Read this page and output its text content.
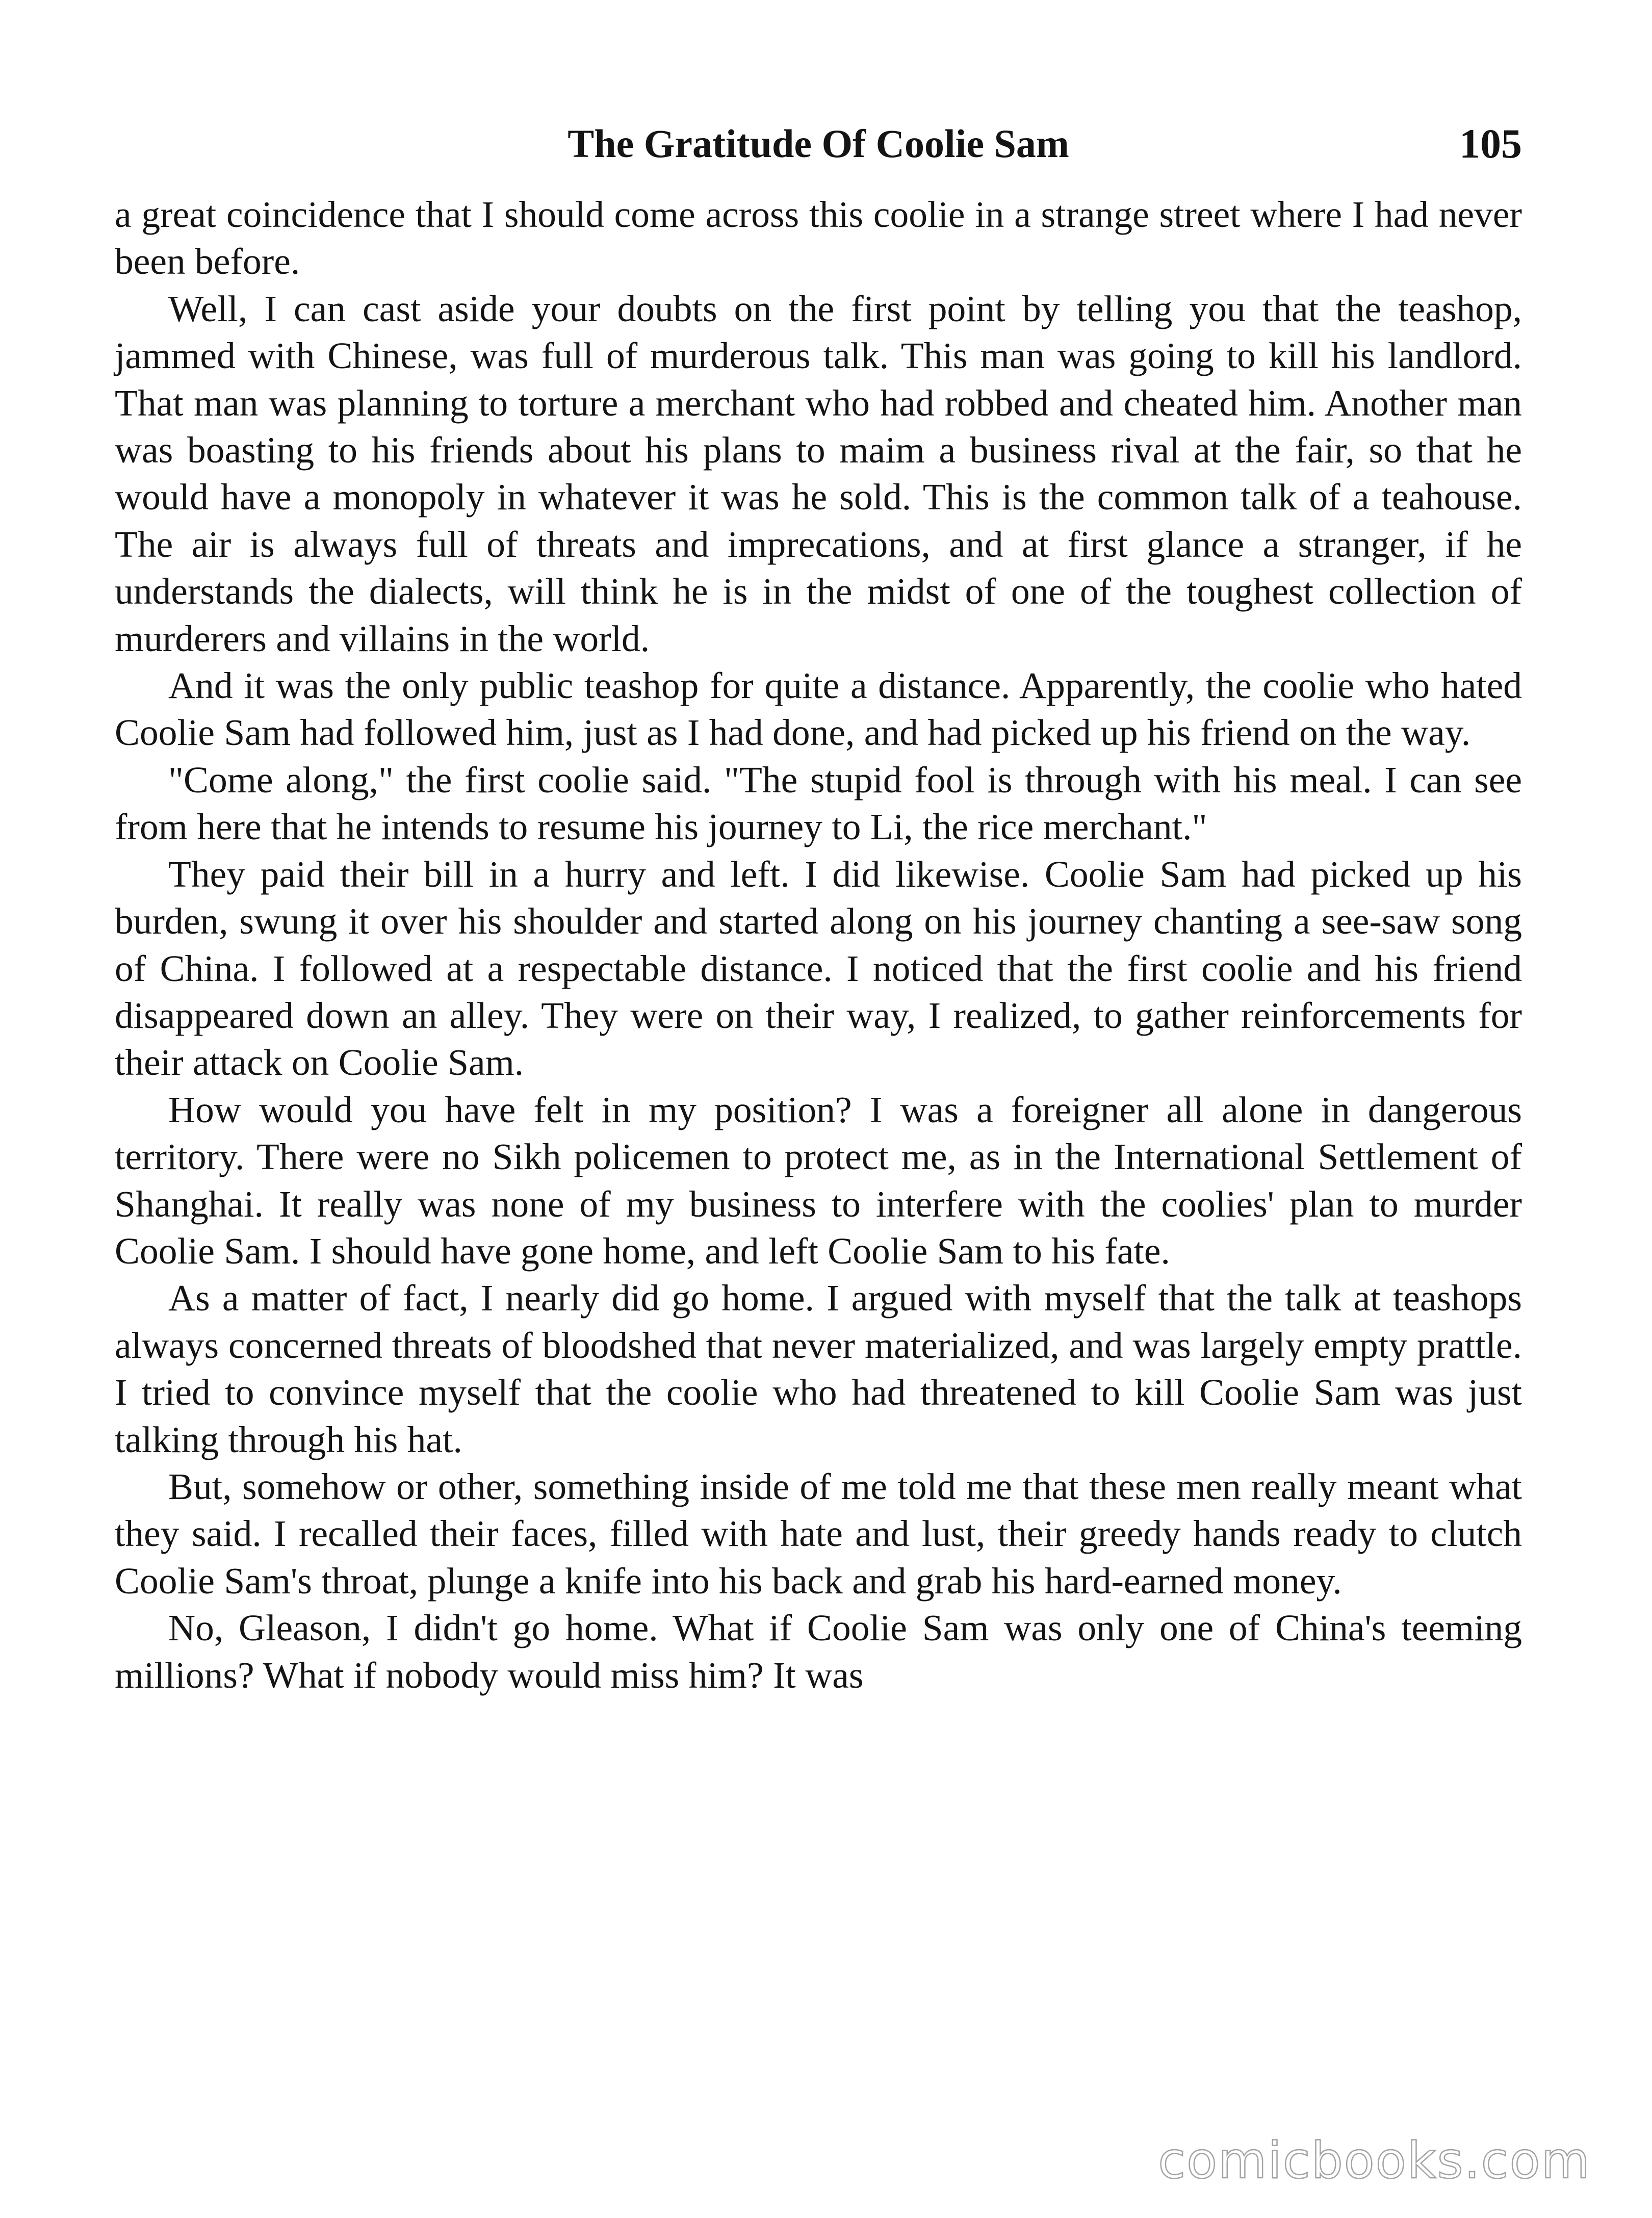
The Gratitude Of Coolie Sam	105

a great coincidence that I should come across this coolie in a strange street where I had never been before.

Well, I can cast aside your doubts on the first point by telling you that the teashop, jammed with Chinese, was full of murderous talk. This man was going to kill his landlord. That man was planning to torture a merchant who had robbed and cheated him. Another man was boasting to his friends about his plans to maim a business rival at the fair, so that he would have a monopoly in whatever it was he sold. This is the common talk of a teahouse. The air is always full of threats and imprecations, and at first glance a stranger, if he understands the dialects, will think he is in the midst of one of the toughest collection of murderers and villains in the world.

And it was the only public teashop for quite a distance. Apparently, the coolie who hated Coolie Sam had followed him, just as I had done, and had picked up his friend on the way.

"Come along," the first coolie said. "The stupid fool is through with his meal. I can see from here that he intends to resume his journey to Li, the rice merchant."

They paid their bill in a hurry and left. I did likewise. Coolie Sam had picked up his burden, swung it over his shoulder and started along on his journey chanting a see-saw song of China. I followed at a respectable distance. I noticed that the first coolie and his friend disappeared down an alley. They were on their way, I realized, to gather reinforcements for their attack on Coolie Sam.

How would you have felt in my position? I was a foreigner all alone in dangerous territory. There were no Sikh policemen to protect me, as in the International Settlement of Shanghai. It really was none of my business to interfere with the coolies' plan to murder Coolie Sam. I should have gone home, and left Coolie Sam to his fate.

As a matter of fact, I nearly did go home. I argued with myself that the talk at teashops always concerned threats of bloodshed that never materialized, and was largely empty prattle. I tried to convince myself that the coolie who had threatened to kill Coolie Sam was just talking through his hat.

But, somehow or other, something inside of me told me that these men really meant what they said. I recalled their faces, filled with hate and lust, their greedy hands ready to clutch Coolie Sam's throat, plunge a knife into his back and grab his hard-earned money.

No, Gleason, I didn't go home. What if Coolie Sam was only one of China's teeming millions? What if nobody would miss him? It was

comicbooks.com
